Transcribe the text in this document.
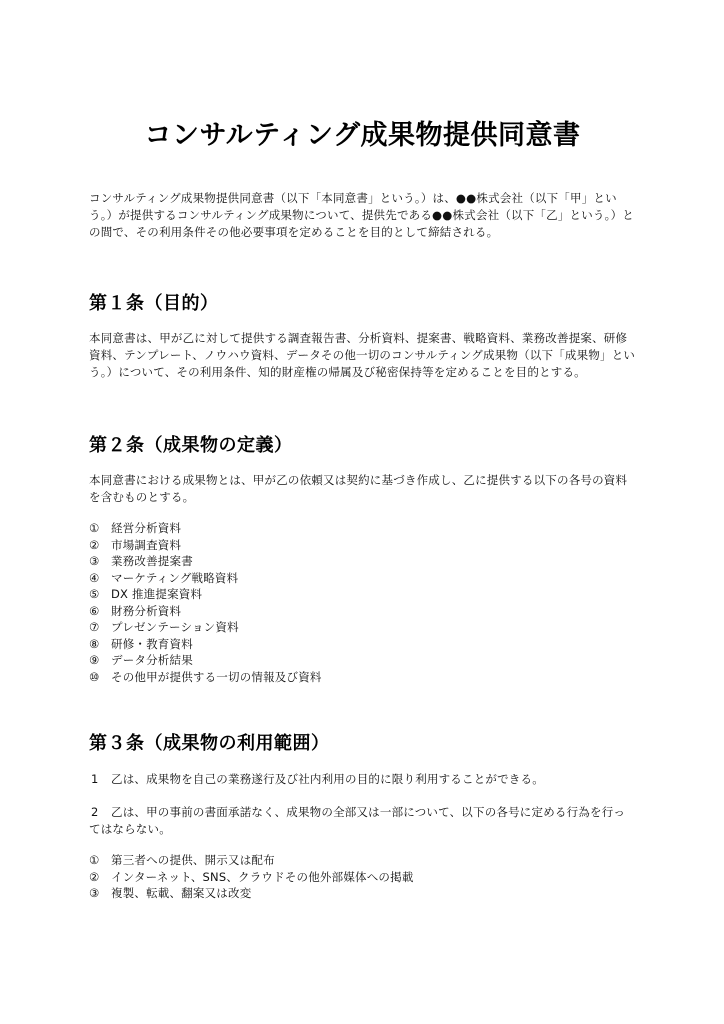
コンサルティング成果物提供同意書

コンサルティング成果物提供同意書（以下「本同意書」という。）は、●●株式会社（以下「甲」という。）が提供するコンサルティング成果物について、提供先である●●株式会社（以下「乙」という。）との間で、その利用条件その他必要事項を定めることを目的として締結される。

第１条（目的）

本同意書は、甲が乙に対して提供する調査報告書、分析資料、提案書、戦略資料、業務改善提案、研修資料、テンプレート、ノウハウ資料、データその他一切のコンサルティング成果物（以下「成果物」という。）について、その利用条件、知的財産権の帰属及び秘密保持等を定めることを目的とする。

第２条（成果物の定義）

本同意書における成果物とは、甲が乙の依頼又は契約に基づき作成し、乙に提供する以下の各号の資料を含むものとする。

① 経営分析資料
② 市場調査資料
③ 業務改善提案書
④ マーケティング戦略資料
⑤ DX 推進提案資料
⑥ 財務分析資料
⑦ プレゼンテーション資料
⑧ 研修・教育資料
⑨ データ分析結果
⑩ その他甲が提供する一切の情報及び資料
第３条（成果物の利用範囲）

1 乙は、成果物を自己の業務遂行及び社内利用の目的に限り利用することができる。

2 乙は、甲の事前の書面承諾なく、成果物の全部又は一部について、以下の各号に定める行為を行ってはならない。

① 第三者への提供、開示又は配布
② インターネット、SNS、クラウドその他外部媒体への掲載
③ 複製、転載、翻案又は改変
